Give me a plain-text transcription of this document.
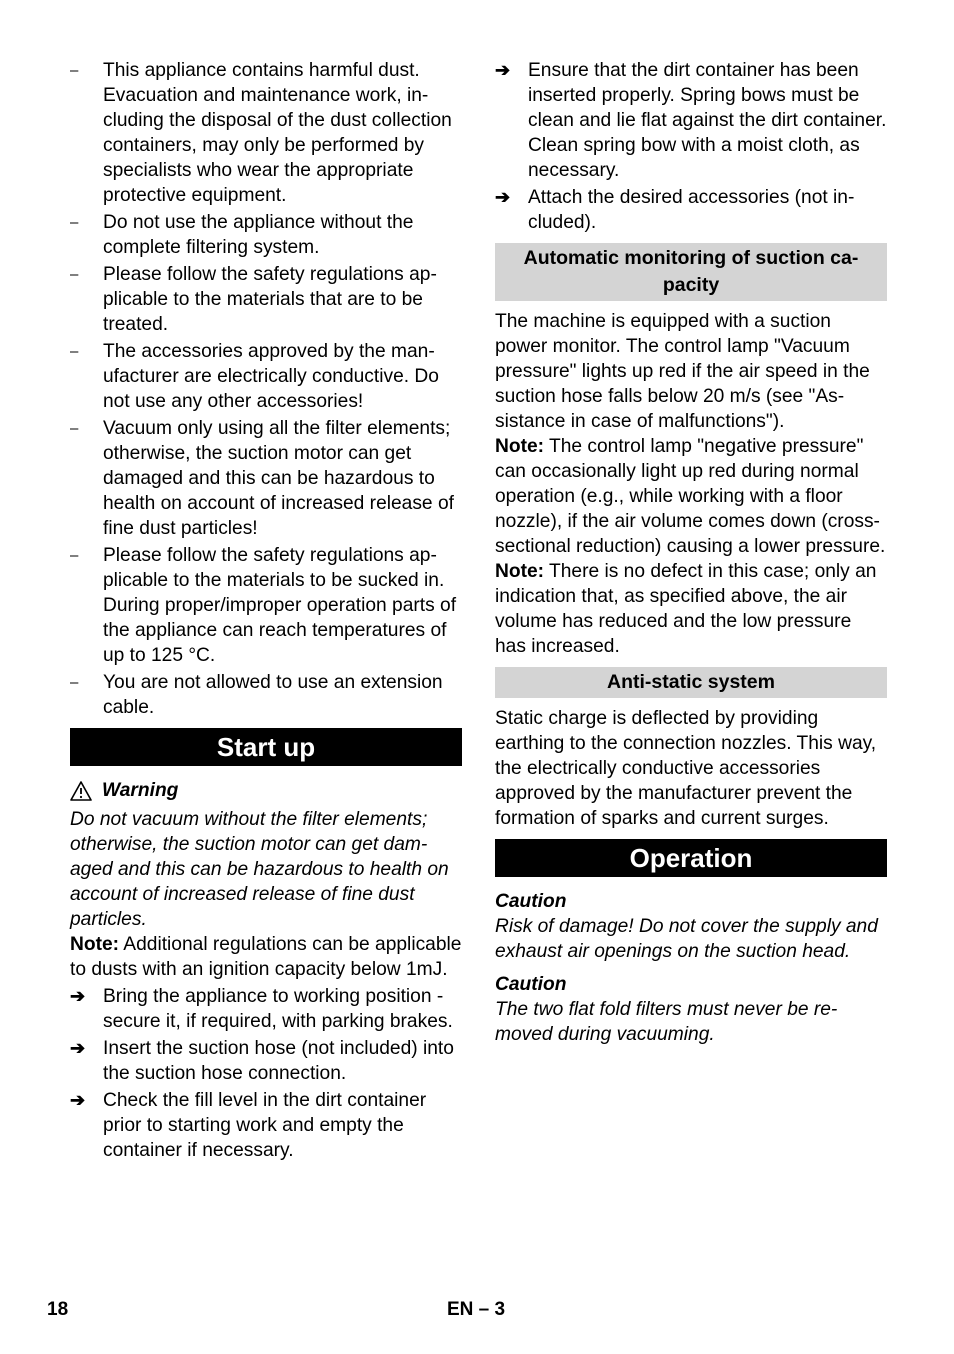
–	This appliance contains harmful dust. Evacuation and maintenance work, including the disposal of the dust collection containers, may only be performed by specialists who wear the appropriate protective equipment.

–	Do not use the appliance without the complete filtering system.

–	Please follow the safety regulations applicable to the materials that are to be treated.

–	The accessories approved by the manufacturer are electrically conductive. Do not use any other accessories!

–	Vacuum only using all the filter elements; otherwise, the suction motor can get damaged and this can be hazardous to health on account of increased release of fine dust particles!

–	Please follow the safety regulations applicable to the materials to be sucked in. During proper/improper operation parts of the appliance can reach temperatures of up to 125 °C.

–	You are not allowed to use an extension cable.

Start up
Warning

Do not vacuum without the filter elements; otherwise, the suction motor can get damaged and this can be hazardous to health on account of increased release of fine dust particles.

Note: Additional regulations can be applicable to dusts with an ignition capacity below 1mJ.

➔ Bring the appliance to working position - secure it, if required, with parking brakes.

➔ Insert the suction hose (not included) into the suction hose connection.

➔ Check the fill level in the dirt container prior to starting work and empty the container if necessary.

➔ Ensure that the dirt container has been inserted properly. Spring bows must be clean and lie flat against the dirt container. Clean spring bow with a moist cloth, as necessary.

➔ Attach the desired accessories (not included).

Automatic monitoring of suction capacity

The machine is equipped with a suction power monitor. The control lamp "Vacuum pressure" lights up red if the air speed in the suction hose falls below 20 m/s (see "Assistance in case of malfunctions").

Note: The control lamp "negative pressure" can occasionally light up red during normal operation (e.g., while working with a floor nozzle), if the air volume comes down (cross-sectional reduction) causing a lower pressure.

Note: There is no defect in this case; only an indication that, as specified above, the air volume has reduced and the low pressure has increased.

Anti-static system

Static charge is deflected by providing earthing to the connection nozzles. This way, the electrically conductive accessories approved by the manufacturer prevent the formation of sparks and current surges.

Operation

Caution

Risk of damage! Do not cover the supply and exhaust air openings on the suction head.

Caution

The two flat fold filters must never be removed during vacuuming.

18	EN – 3
